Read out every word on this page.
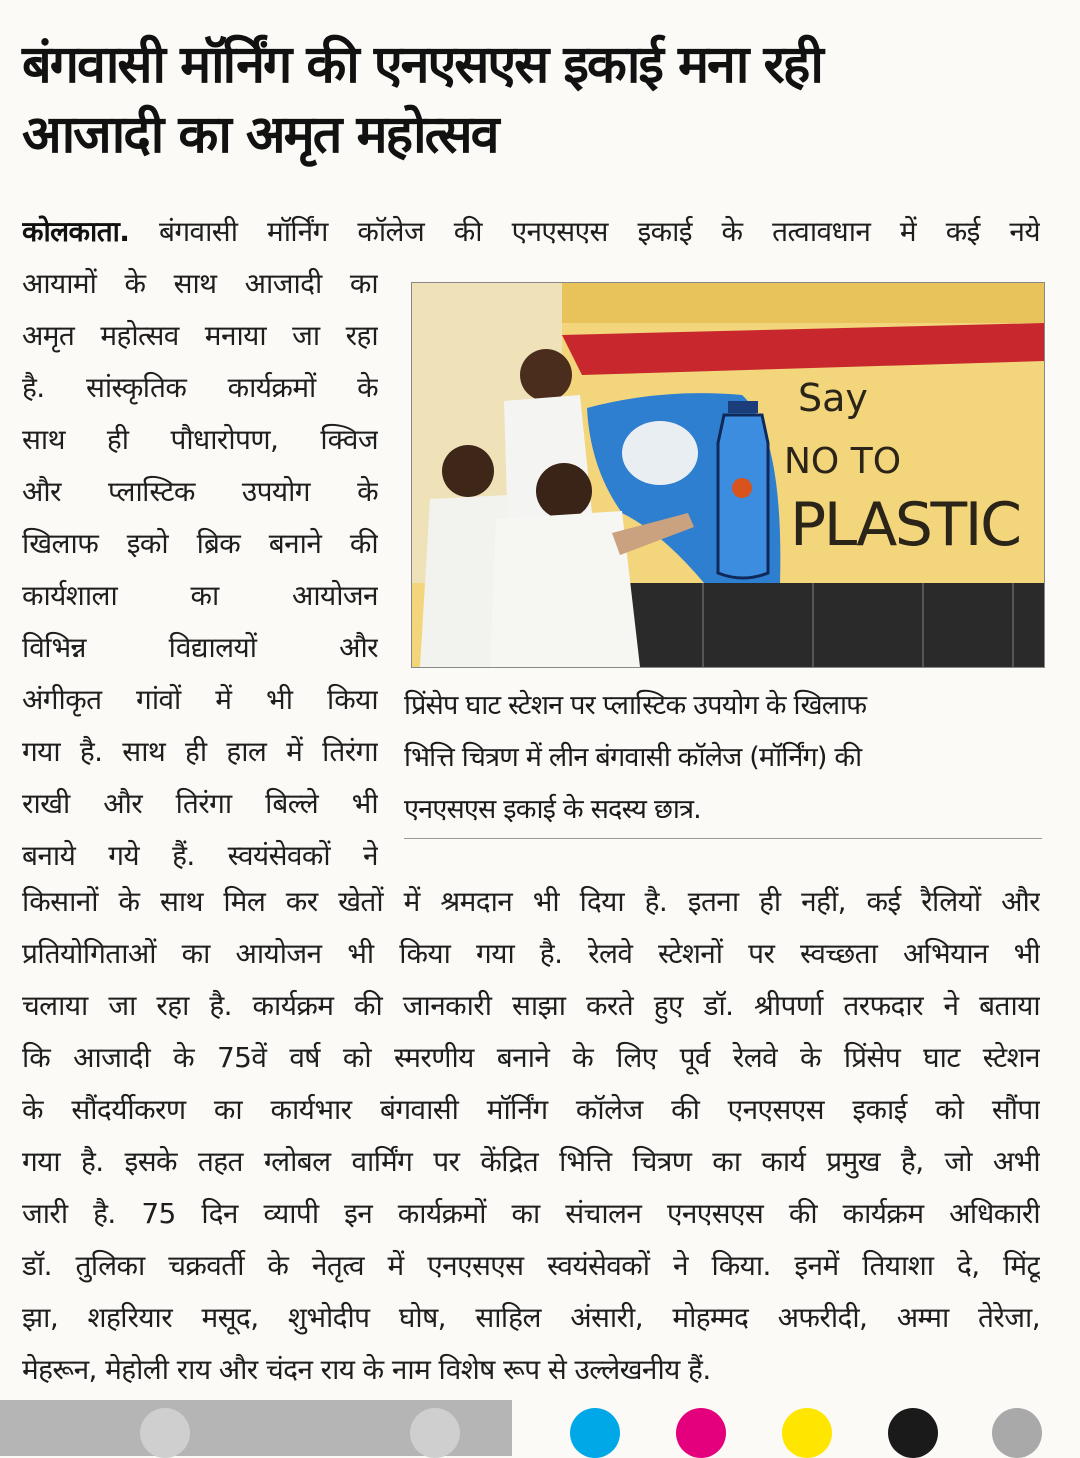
बंगवासी मॉर्निंग की एनएसएस इकाई मना रही
आजादी का अमृत महोत्सव
कोलकाता. बंगवासी मॉर्निंग कॉलेज की एनएसएस इकाई के तत्वावधान में कई नये
आयामों के साथ आजादी का
अमृत महोत्सव मनाया जा रहा
है. सांस्कृतिक कार्यक्रमों के
साथ ही पौधारोपण, क्विज
और प्लास्टिक उपयोग के
खिलाफ इको ब्रिक बनाने की
कार्यशाला का आयोजन
विभिन्न विद्यालयों और
अंगीकृत गांवों में भी किया
गया है. साथ ही हाल में तिरंगा
राखी और तिरंगा बिल्ले भी
बनाये गये हैं. स्वयंसेवकों ने
किसानों के साथ मिल कर खेतों में श्रमदान भी दिया है. इतना ही नहीं, कई रैलियों और
प्रतियोगिताओं का आयोजन भी किया गया है. रेलवे स्टेशनों पर स्वच्छता अभियान भी
चलाया जा रहा है. कार्यक्रम की जानकारी साझा करते हुए डॉ. श्रीपर्णा तरफदार ने बताया
कि आजादी के 75वें वर्ष को स्मरणीय बनाने के लिए पूर्व रेलवे के प्रिंसेप घाट स्टेशन
के सौंदर्यीकरण का कार्यभार बंगवासी मॉर्निंग कॉलेज की एनएसएस इकाई को सौंपा
गया है. इसके तहत ग्लोबल वार्मिंग पर केंद्रित भित्ति चित्रण का कार्य प्रमुख है, जो अभी
जारी है. 75 दिन व्यापी इन कार्यक्रमों का संचालन एनएसएस की कार्यक्रम अधिकारी
डॉ. तुलिका चक्रवर्ती के नेतृत्व में एनएसएस स्वयंसेवकों ने किया. इनमें तियाशा दे, मिंटू
झा, शहरियार मसूद, शुभोदीप घोष, साहिल अंसारी, मोहम्मद अफरीदी, अम्मा तेरेजा,
मेहरून, मेहोली राय और चंदन राय के नाम विशेष रूप से उल्लेखनीय हैं.
Say
NO TO
PLASTIC
प्रिंसेप घाट स्टेशन पर प्लास्टिक उपयोग के खिलाफ
भित्ति चित्रण में लीन बंगवासी कॉलेज (मॉर्निंग) की
एनएसएस इकाई के सदस्य छात्र.
